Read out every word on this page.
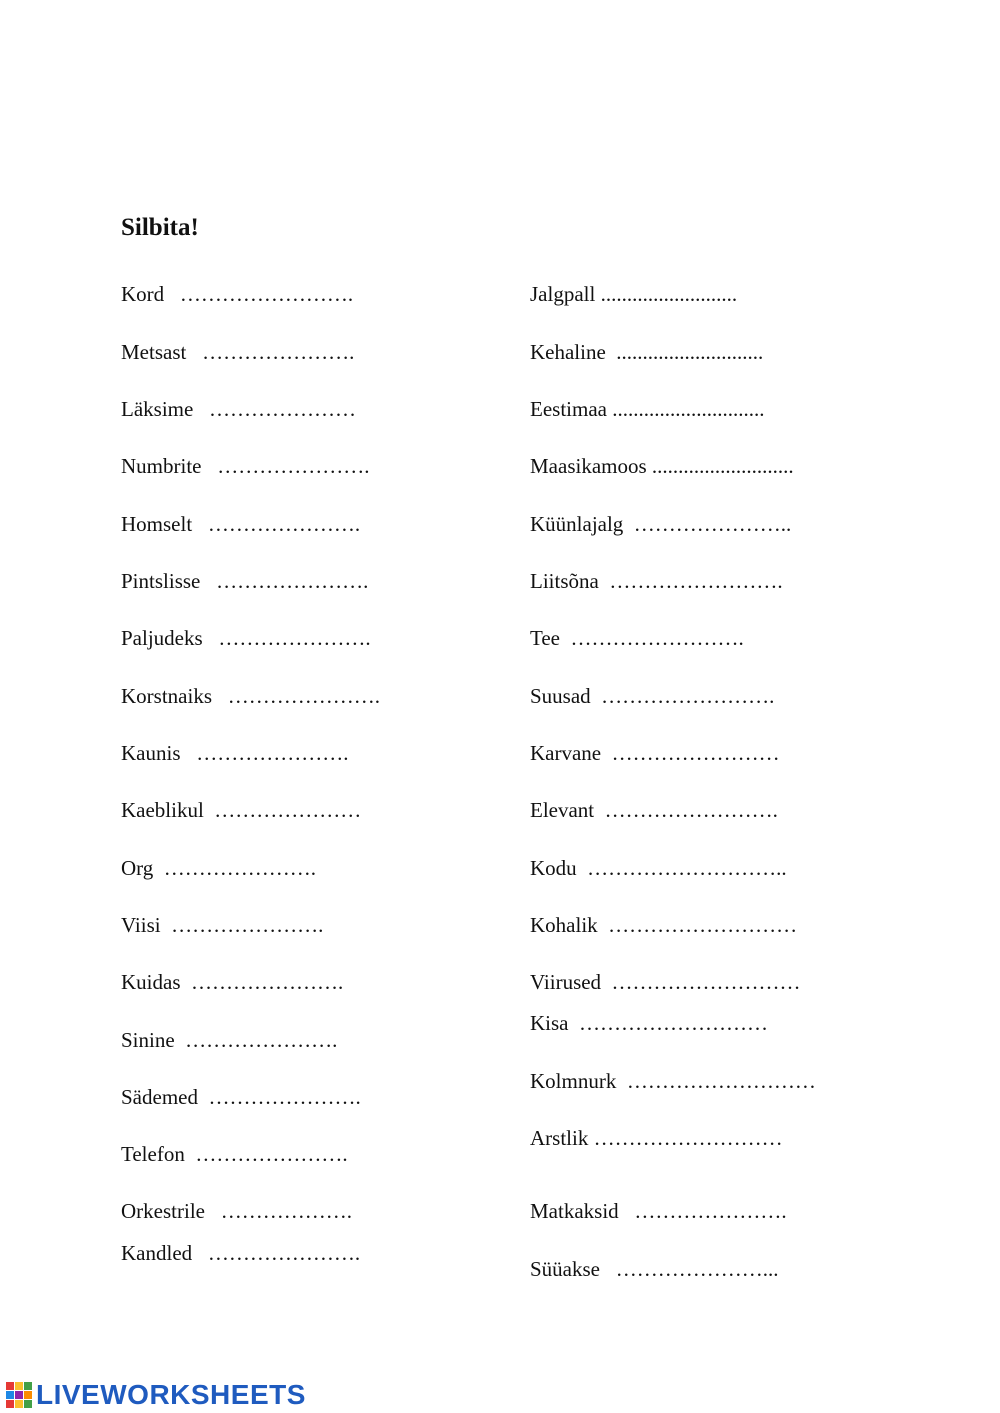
Silbita!
Kord   …………………….
Metsast   ………………….
Läksime   …………………
Numbrite   ………………….
Homselt   ………………….
Pintslisse   ………………….
Paljudeks   ………………….
Korstnaiks   ………………….
Kaunis   ………………….
Kaeblikul  …………………
Org  ………………….
Viisi  ………………….
Kuidas  ………………….
Sinine  ………………….
Sädemed  ………………….
Telefon  ………………….
Orkestrile   ……………….
Kandled   ………………….
Jalgpall ..........................
Kehaline  ............................
Eestimaa .............................
Maasikamoos ...........................
Küünlajalg  …………………..
Liitsõna  …………………….
Tee  …………………….
Suusad  …………………….
Karvane  ……………………
Elevant  …………………….
Kodu  ………………………..
Kohalik  ………………………
Viirused  ………………………
Kisa  ………………………
Kolmnurk  ………………………
Arstlik ………………………
Matkaksid   ………………….
Süüakse   …………………...
LIVEWORKSHEETS
